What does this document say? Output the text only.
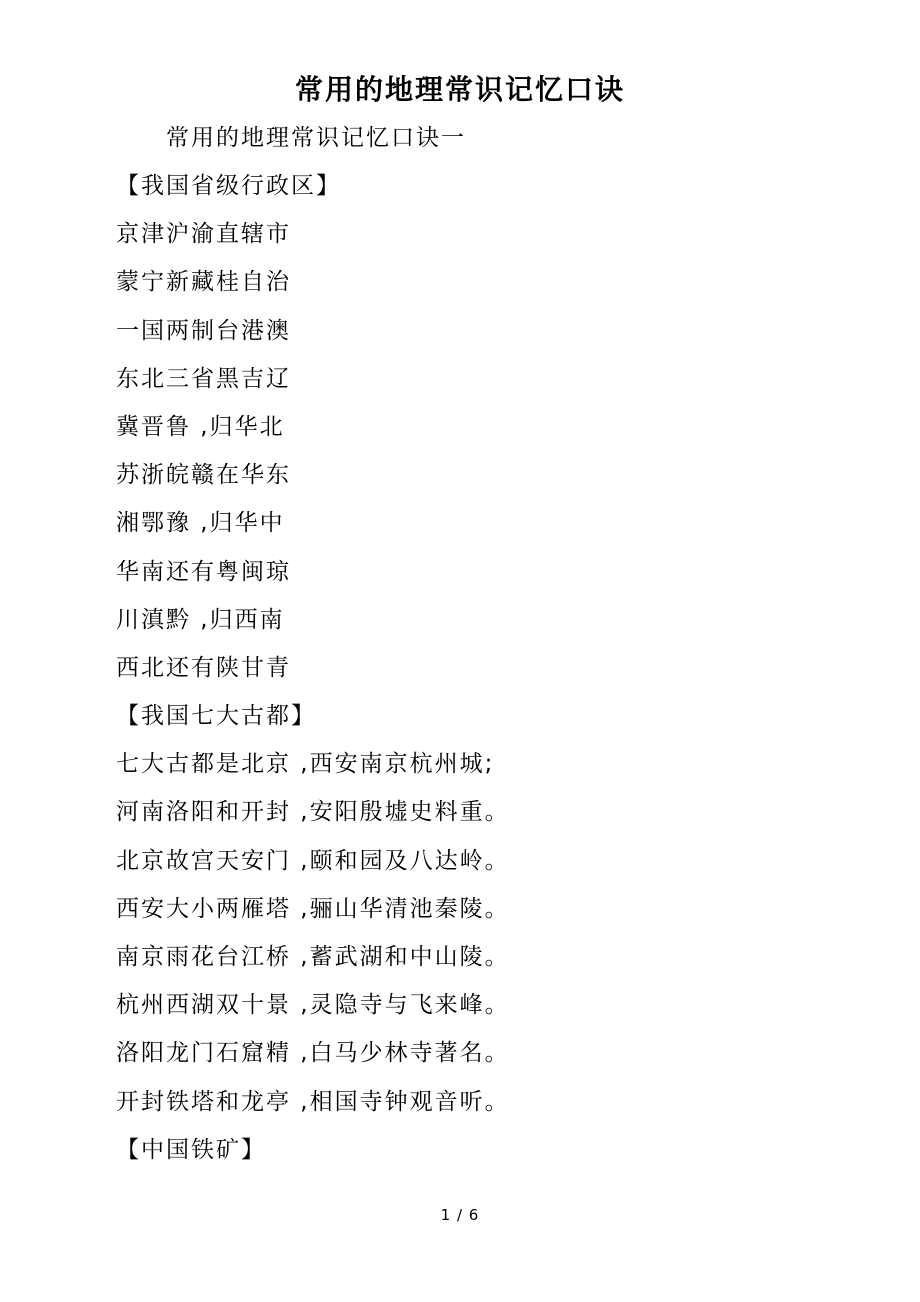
常用的地理常识记忆口诀
常用的地理常识记忆口诀一
【我国省级行政区】
京津沪渝直辖市
蒙宁新藏桂自治
一国两制台港澳
东北三省黑吉辽
冀晋鲁 ,归华北
苏浙皖赣在华东
湘鄂豫 ,归华中
华南还有粤闽琼
川滇黔 ,归西南
西北还有陕甘青
【我国七大古都】
七大古都是北京 ,西安南京杭州城;
河南洛阳和开封 ,安阳殷墟史料重。
北京故宫天安门 ,颐和园及八达岭。
西安大小两雁塔 ,骊山华清池秦陵。
南京雨花台江桥 ,蓄武湖和中山陵。
杭州西湖双十景 ,灵隐寺与飞来峰。
洛阳龙门石窟精 ,白马少林寺著名。
开封铁塔和龙亭 ,相国寺钟观音听。
【中国铁矿】
1 / 6
